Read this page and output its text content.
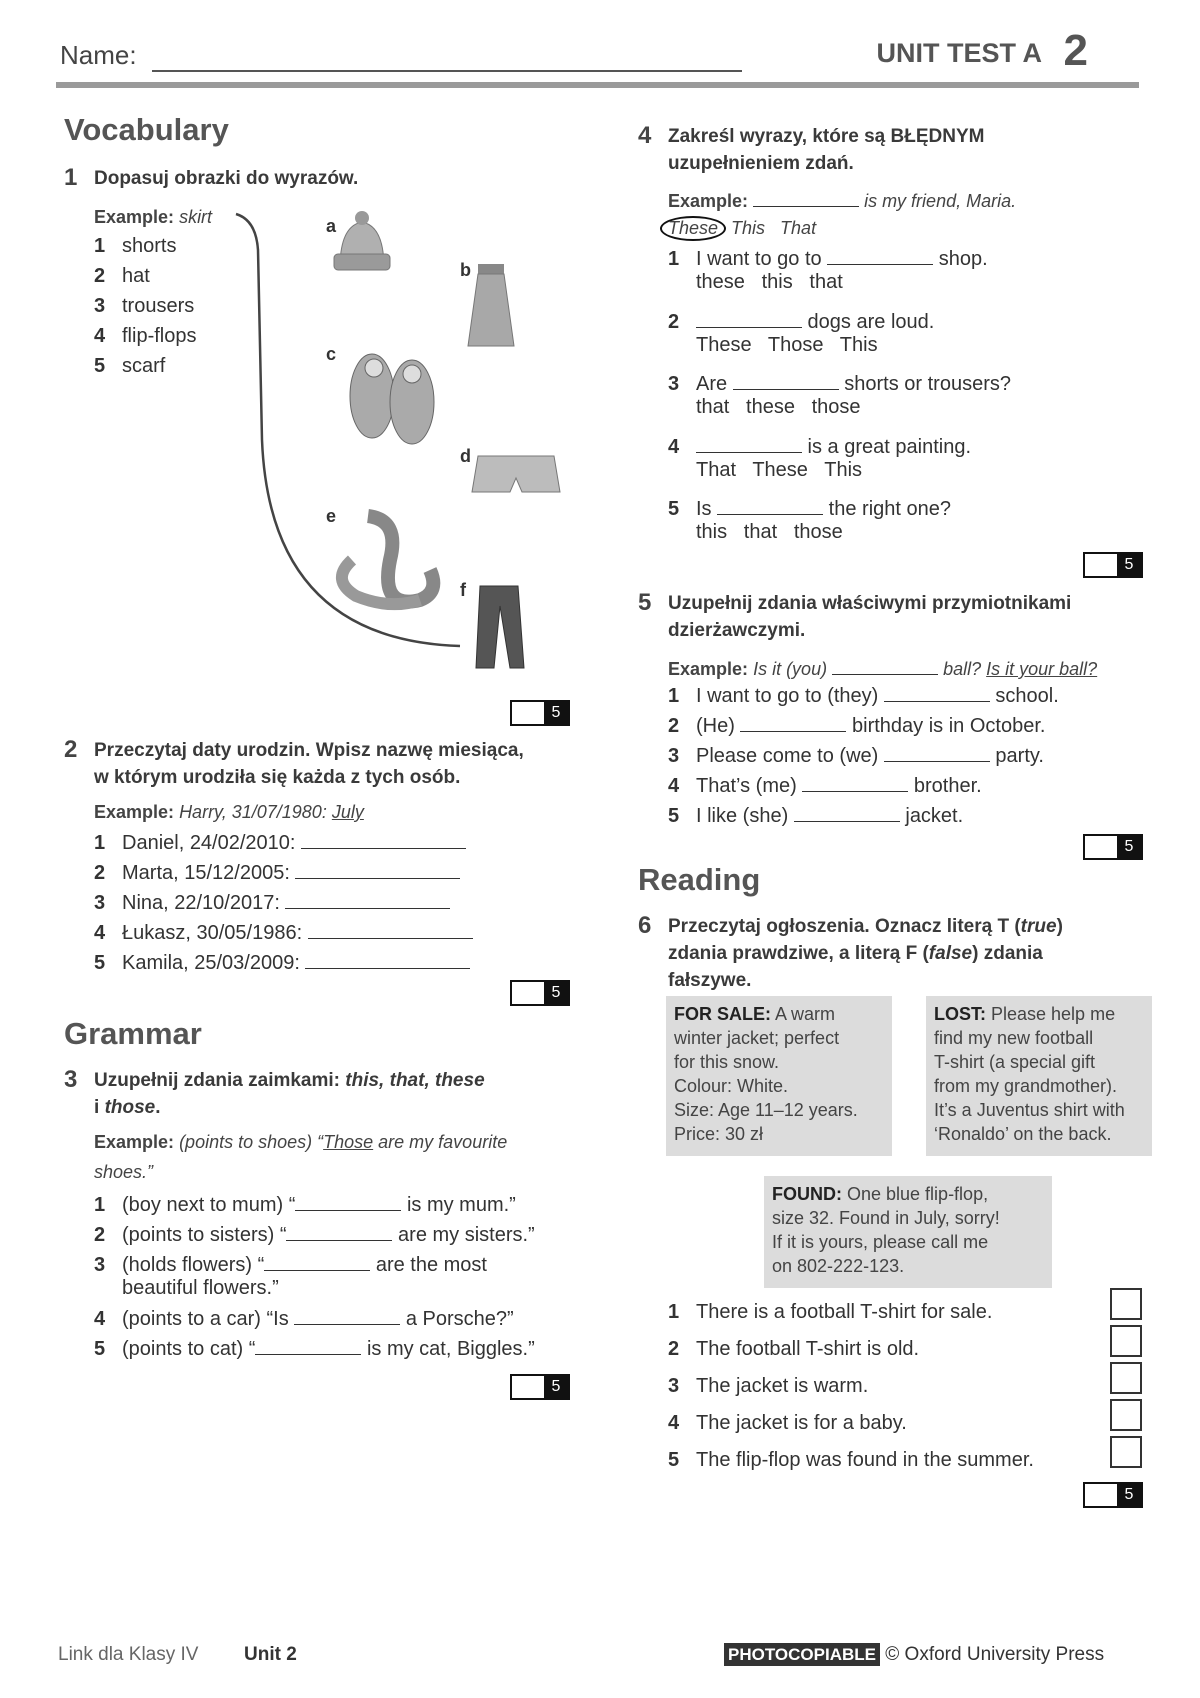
Name:	UNIT TEST A 2
Vocabulary
1 Dopasuj obrazki do wyrazów.
Example: skirt
1 shorts
2 hat
3 trousers
4 flip-flops
5 scarf
a
b
c
d
e
f
5
2 Przeczytaj daty urodzin. Wpisz nazwę miesiąca,
w którym urodziła się każda z tych osób.
Example: Harry, 31/07/1980: July
1 Daniel, 24/02/2010:
2 Marta, 15/12/2005:
3 Nina, 22/10/2017:
4 Łukasz, 30/05/1986:
5 Kamila, 25/03/2009:
5
Grammar
3 Uzupełnij zdania zaimkami: this, that, these
i those.
Example: (points to shoes) “Those are my favourite
shoes.”
1 (boy next to mum) “	is my mum.”
2 (points to sisters) “	are my sisters.”
3 (holds flowers) “	are the most
beautiful flowers.”
4 (points to a car) “Is	a Porsche?”
5 (points to cat) “	is my cat, Biggles.”
5
4 Zakreśl wyrazy, które są BŁĘDNYM
uzupełnieniem zdań.
Example:	is my friend, Maria.
These This   That
1 I want to go to	shop.
these   this   that
2	dogs are loud.
These   Those   This
3 Are	shorts or trousers?
that   these   those
4	is a great painting.
That   These   This
5 Is	the right one?
this   that   those
5
5 Uzupełnij zdania właściwymi przymiotnikami
dzierżawczymi.
Example: Is it (you)	ball? Is it your ball?
1 I want to go to (they)	school.
2 (He)	birthday is in October.
3 Please come to (we)	party.
4 That’s (me)	brother.
5 I like (she)	jacket.
5
Reading
6 Przeczytaj ogłoszenia. Oznacz literą T (true)
zdania prawdziwe, a literą F (false) zdania
fałszywe.
FOR SALE: A warm
winter jacket; perfect
for this snow.
Colour: White.
Size: Age 11–12 years.
Price: 30 zł
LOST: Please help me
find my new football
T-shirt (a special gift
from my grandmother).
It’s a Juventus shirt with
‘Ronaldo’ on the back.
FOUND: One blue flip-flop,
size 32. Found in July, sorry!
If it is yours, please call me
on 802-222-123.
1 There is a football T-shirt for sale.
2 The football T-shirt is old.
3 The jacket is warm.
4 The jacket is for a baby.
5 The flip-flop was found in the summer.
5
Link dla Klasy IV Unit 2	PHOTOCOPIABLE © Oxford University Press
